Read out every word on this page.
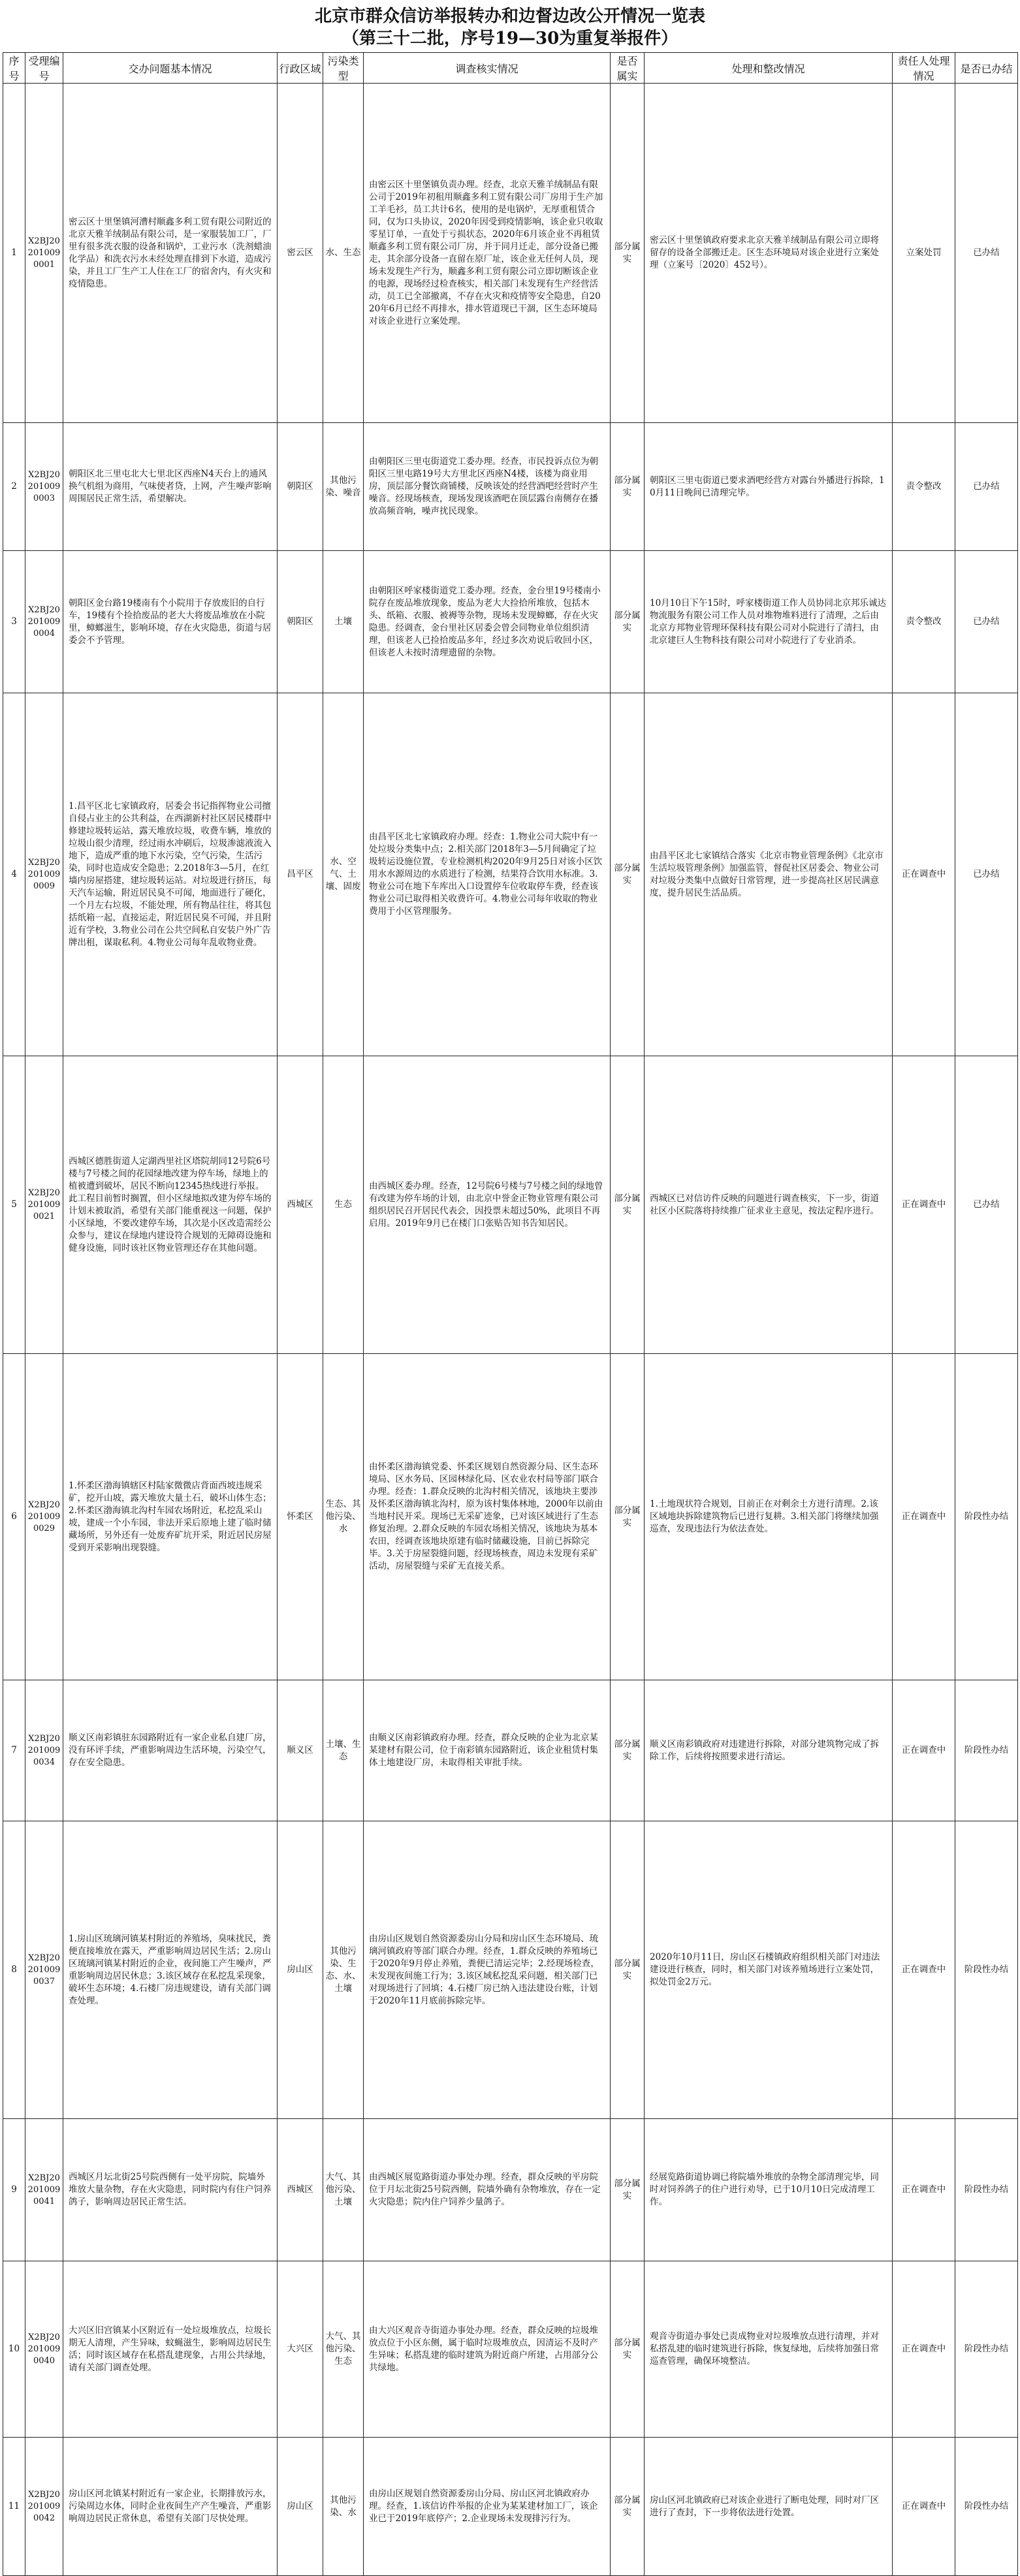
北京市群众信访举报转办和边督边改公开情况一览表
（第三十二批，序号19—30为重复举报件）
序号	受理编号	交办问题基本情况	行政区域	污染类型	调查核实情况	是否属实	处理和整改情况	责任人处理情况	是否已办结
1	X2BJ202010090001	密云区十里堡镇河漕村顺鑫多利工贸有限公司附近的北京天雅羊绒制品有限公司，是一家服装加工厂，厂里有很多洗衣服的设备和锅炉，工业污水（洗剂蜡油化学品）和洗衣污水未经处理直排到下水道，造成污染，并且工厂生产工人住在工厂的宿舍内，有火灾和疫情隐患。	密云区	水、生态	由密云区十里堡镇负责办理。经查，北京天雅羊绒制品有限公司于2019年初租用顺鑫多利工贸有限公司厂房用于生产加工羊毛衫，员工共计6名，使用的是电锅炉，无厚重租赁合同，仅为口头协议，2020年因受到疫情影响，该企业只收取零星订单，一直处于亏损状态，2020年6月该企业不再租赁顺鑫多利工贸有限公司厂房，并于同月迁走，部分设备已搬走，其余部分设备一直留在原厂址，该企业无任何人员，现场未发现生产行为，顺鑫多利工贸有限公司立即切断该企业的电源，现场经过检查核实，相关部门未发现有生产经营活动，员工已全部撤离，不存在火灾和疫情等安全隐患，自2020年6月已经不再排水，排水管道现已干涸，区生态环境局对该企业进行立案处理。	部分属实	密云区十里堡镇政府要求北京天雅羊绒制品有限公司立即将留存的设备全部搬迁走。区生态环境局对该企业进行立案处理（立案号〔2020〕452号）。	立案处罚	已办结
2	X2BJ202010090003	朝阳区北三里屯北大七里北区西座N4天台上的通风换气机组为商用，气味使者贷，上网，产生噪声影响周围居民正常生活，希望解决。	朝阳区	其他污染、噪音	由朝阳区三里屯街道党工委办理。经查，市民投诉点位为朝阳区三里屯路19号大方里北区西座N4楼，该楼为商业用房，顶层部分餐饮商铺楼，反映该处的经营酒吧经营时产生噪音。经现场核查，现场发现该酒吧在顶层露台南侧存在播放高频音响，噪声扰民现象。	部分属实	朝阳区三里屯街道已要求酒吧经营方对露台外播进行拆除，10月11日晚间已清理完毕。	责令整改	已办结
3	X2BJ202010090004	朝阳区金台路19楼南有个小院用于存放废旧的自行车，19楼有个捡拾废品的老大大将废品堆放在小院里，蟑螂滋生，影响环境，存在火灾隐患，街道与居委会不予管理。	朝阳区	土壤	由朝阳区呼家楼街道党工委办理。经查，金台里19号楼南小院存在废品堆放现象，废品为老大大捡拾所堆放，包括木头、纸箱、衣服、被褥等杂物，现场未发现蟑螂，存在火灾隐患。经调查，金台里社区居委会曾会同物业单位组织清理，但该老人已捡拾废品多年，经过多次劝说后收回小区，但该老人未按时清理遗留的杂物。	部分属实	10月10日下午15时，呼家楼街道工作人员协同北京邦乐诚达物流服务有限公司工作人员对堆物堆料进行了清理，之后由北京方邦物业管理环保科技有限公司对小院进行了清扫，由北京建巨人生物科技有限公司对小院进行了专业消杀。	责令整改	已办结
4	X2BJ202010090009	1.昌平区北七家镇政府，居委会书记指挥物业公司擅自侵占业主的公共利益，在西湖新村社区居民楼群中修建垃圾转运站，露天堆放垃圾，收费车辆，堆放的垃圾山很少清理，经过雨水冲刷后，垃圾渗滤液流入地下，造成严重的地下水污染，空气污染，生活污染，同时也造成安全隐患；2.2018年3—5月，在红墙内房屋搭建，建垃圾转运站。对垃圾进行挤压，每天汽车运输，附近居民臭不可闻，地面进行了硬化，一个月左右垃圾，不能处理，所有物品往往，将其包括纸箱一起，直接运走，附近居民臭不可闻，并且附近有学校，3.物业公司在公共空间私自安装户外广告牌出租，谋取私利。4.物业公司每年乱收物业费。	昌平区	水、空气、土壤、固废	由昌平区北七家镇政府办理。经查：1.物业公司大院中有一处垃圾分类集中点；2.相关部门2018年3—5月间确定了垃圾转运设施位置，专业检测机构2020年9月25日对该小区饮用水水源周边的水质进行了检测，结果符合饮用水标准。3.物业公司在地下车库出入口设置停车位收取停车费，经查该物业公司已取得相关收费许可。4.物业公司每年收取的物业费用于小区管理服务。	部分属实	由昌平区北七家镇结合落实《北京市物业管理条例》《北京市生活垃圾管理条例》加强监管，督促社区居委会、物业公司对垃圾分类集中点做好日常管理，进一步提高社区居民满意度，提升居民生活品质。	正在调查中	已办结
5	X2BJ202010090021	西城区德胜街道人定湖西里社区塔院胡同12号院6号楼与7号楼之间的花园绿地改建为停车场，绿地上的植被遭到破坏，居民不断向12345热线进行举报。此工程目前暂时搁置，但小区绿地拟改建为停车场的计划未被取消，希望有关部门能重视这一问题，保护小区绿地，不要改建停车场，其次是小区改造需经公众参与，建议在绿地内建设符合规划的无障碍设施和健身设施，同时该社区物业管理还存在其他问题。	西城区	生态	由西城区委办理。经查，12号院6号楼与7号楼之间的绿地曾有改建为停车场的计划，由北京中誉金正物业管理有限公司组织居民召开居民代表会，因投票未超过50%，此项目不再启用。2019年9月已在楼门口张贴告知书告知居民。	部分属实	西城区已对信访件反映的问题进行调查核实，下一步，街道社区小区院落将持续推广征求业主意见，按法定程序进行。	正在调查中	已办结
6	X2BJ202010090029	1.怀柔区渤海镇辖区村陆家微微店背面西坡违规采矿，挖开山坡，露天堆放大量土石，破坏山体生态；2.怀柔区渤海镇北沟村车园农场附近，私挖乱采山坡，建成一个小车园，非法开采后原地上建了临时储藏场所，另外还有一处废弃矿坑开采，附近居民房屋受到开采影响出现裂缝。	怀柔区	生态、其他污染、水	由怀柔区渤海镇党委、怀柔区规划自然资源分局、区生态环境局、区水务局、区园林绿化局、区农业农村局等部门联合办理。经查：1.群众反映的北沟村相关情况，该地块主要涉及怀柔区渤海镇北沟村，原为该村集体林地，2000年以前由当地村民开采。现场已无采矿迹象，已对该区域进行了生态修复治理。2.群众反映的车园农场相关情况，该地块为基本农田，经调查该地块原建有临时储藏设施，目前已拆除完毕。3.关于房屋裂缝问题，经现场核查，周边未发现有采矿活动，房屋裂缝与采矿无直接关系。	部分属实	1.土地现状符合规划，目前正在对剩余土方进行清理。2.该区域地块拆除建筑物后已进行复耕。3.相关部门将继续加强巡查，发现违法行为依法查处。	正在调查中	阶段性办结
7	X2BJ202010090034	顺义区南彩镇驻东园路附近有一家企业私自建厂房，没有环评手续，严重影响周边生活环境，污染空气，存在安全隐患。	顺义区	土壤、生态	由顺义区南彩镇政府办理。经查，群众反映的企业为北京某某建材有限公司，位于南彩镇东园路附近，该企业租赁村集体土地建设厂房，未取得相关审批手续。	部分属实	顺义区南彩镇政府对违建进行拆除，对部分建筑物完成了拆除工作，后续将按照要求进行清运。	正在调查中	阶段性办结
8	X2BJ202010090037	1.房山区琉璃河镇某村附近的养殖场，臭味扰民，粪便直接堆放在露天，严重影响周边居民生活；2.房山区琉璃河镇某村附近的企业，夜间施工产生噪声，严重影响周边居民休息；3.该区域存在私挖乱采现象，破坏生态环境；4.石楼厂房违规建设，请有关部门调查处理。	房山区	其他污染、生态、水、土壤	由房山区规划自然资源委房山分局和房山区生态环境局、琉璃河镇政府等部门联合办理。经查，1.群众反映的养殖场已于2020年9月停止养殖，粪便已清运完毕；2.经现场检查，未发现夜间施工行为；3.该区域私挖乱采问题，相关部门已对现场进行了回填；4.石楼厂房已纳入违法建设台账，计划于2020年11月底前拆除完毕。	部分属实	2020年10月11日，房山区石楼镇政府组织相关部门对违法建设进行核查，同时，相关部门对该养殖场进行立案处罚，拟处罚金2万元。	正在调查中	阶段性办结
9	X2BJ202010090041	西城区月坛北街25号院西侧有一处平房院，院墙外堆放大量杂物，存在火灾隐患，同时院内有住户饲养鸽子，影响周边居民正常生活。	西城区	大气、其他污染、土壤	由西城区展览路街道办事处办理。经查，群众反映的平房院位于月坛北街25号院西侧，院墙外确有杂物堆放，存在一定火灾隐患；院内住户饲养少量鸽子。	部分属实	经展览路街道协调已将院墙外堆放的杂物全部清理完毕，同时对饲养鸽子的住户进行劝导，已于10月10日完成清理工作。	正在调查中	阶段性办结
10	X2BJ202010090040	大兴区旧宫镇某小区附近有一处垃圾堆放点，垃圾长期无人清理，产生异味，蚊蝇滋生，影响周边居民生活；同时该区域存在私搭乱建现象，占用公共绿地，请有关部门调查处理。	大兴区	大气、其他污染、生态	由大兴区观音寺街道办事处办理。经查，群众反映的垃圾堆放点位于小区东侧，属于临时垃圾堆放点，因清运不及时产生异味；私搭乱建的临时建筑为附近商户所建，占用部分公共绿地。	部分属实	观音寺街道办事处已责成物业对垃圾堆放点进行清理，并对私搭乱建的临时建筑进行拆除，恢复绿地，后续将加强日常巡查管理，确保环境整洁。	正在调查中	阶段性办结
11	X2BJ202010090042	房山区河北镇某村附近有一家企业，长期排放污水，污染周边水体，同时企业夜间生产产生噪音，严重影响周边居民正常休息，希望有关部门尽快处理。	房山区	其他污染、水	由房山区规划自然资源委房山分局、房山区河北镇政府办理。经查，1.该信访件举报的企业为某某建材加工厂，该企业已于2019年底停产；2.企业现场未发现排污行为。	部分属实	房山区河北镇政府已对该企业进行了断电处理，同时对厂区进行了查封，下一步将依法进行处置。	正在调查中	阶段性办结
